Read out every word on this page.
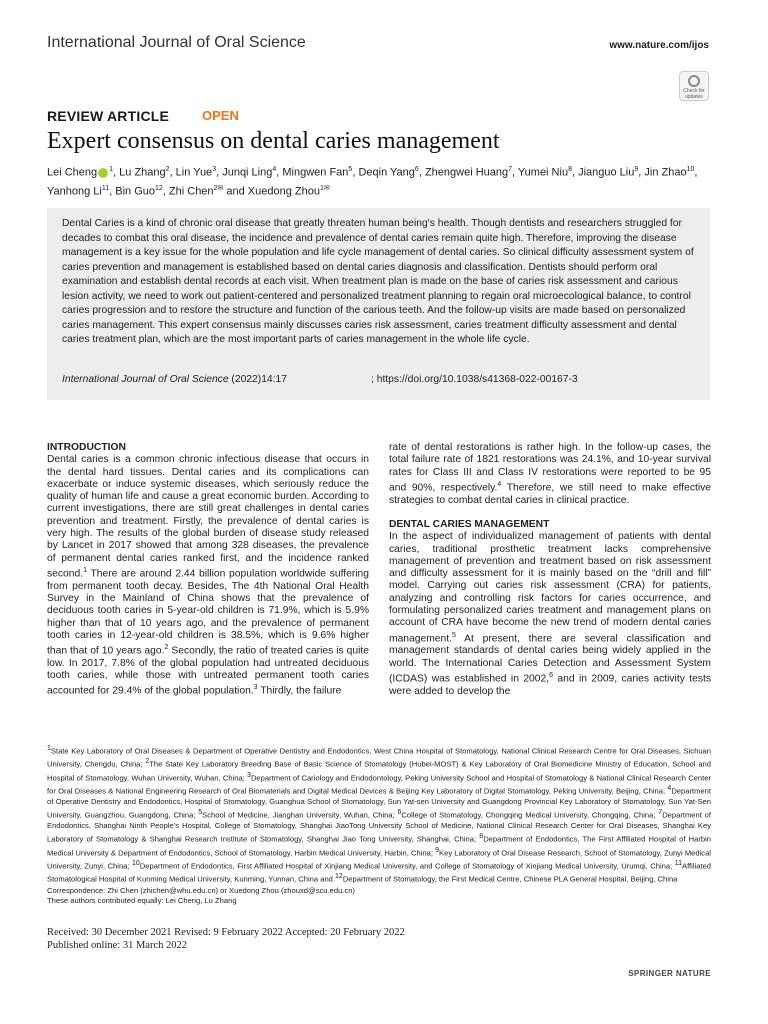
International Journal of Oral Science	www.nature.com/ijos
Check for updates
REVIEW ARTICLE	OPEN
Expert consensus on dental caries management
Lei Cheng $^1$, Lu Zhang$^2$, Lin Yue$^3$, Junqi Ling$^4$, Mingwen Fan$^5$, Deqin Yang$^6$, Zhengwei Huang$^7$, Yumei Niu$^8$, Jianguo Liu$^9$, Jin Zhao$^{10}$, Yanhong Li$^{11}$, Bin Guo$^{12}$, Zhi Chen$^{2✉}$ and Xuedong Zhou$^{1✉}$
Dental Caries is a kind of chronic oral disease that greatly threaten human being's health. Though dentists and researchers struggled for decades to combat this oral disease, the incidence and prevalence of dental caries remain quite high. Therefore, improving the disease management is a key issue for the whole population and life cycle management of dental caries. So clinical difficulty assessment system of caries prevention and management is established based on dental caries diagnosis and classification. Dentists should perform oral examination and establish dental records at each visit. When treatment plan is made on the base of caries risk assessment and carious lesion activity, we need to work out patient-centered and personalized treatment planning to regain oral microecological balance, to control caries progression and to restore the structure and function of the carious teeth. And the follow-up visits are made based on personalized caries management. This expert consensus mainly discusses caries risk assessment, caries treatment difficulty assessment and dental caries treatment plan, which are the most important parts of caries management in the whole life cycle.
International Journal of Oral Science (2022)14:17	; https://doi.org/10.1038/s41368-022-00167-3
INTRODUCTION

Dental caries is a common chronic infectious disease that occurs in the dental hard tissues. Dental caries and its complications can exacerbate or induce systemic diseases, which seriously reduce the quality of human life and cause a great economic burden. According to current investigations, there are still great challenges in dental caries prevention and treatment. Firstly, the prevalence of dental caries is very high. The results of the global burden of disease study released by Lancet in 2017 showed that among 328 diseases, the prevalence of permanent dental caries ranked first, and the incidence ranked second.$^1$ There are around 2.44 billion population worldwide suffering from permanent tooth decay. Besides, The 4th National Oral Health Survey in the Mainland of China shows that the prevalence of deciduous tooth caries in 5-year-old children is 71.9%, which is 5.9% higher than that of 10 years ago, and the prevalence of permanent tooth caries in 12-year-old children is 38.5%, which is 9.6% higher than that of 10 years ago.$^2$ Secondly, the ratio of treated caries is quite low. In 2017, 7.8% of the global population had untreated deciduous tooth caries, while those with untreated permanent tooth caries accounted for 29.4% of the global population.$^3$ Thirdly, the failure

rate of dental restorations is rather high. In the follow-up cases, the total failure rate of 1821 restorations was 24.1%, and 10-year survival rates for Class III and Class IV restorations were reported to be 95 and 90%, respectively.$^4$ Therefore, we still need to make effective strategies to combat dental caries in clinical practice.

DENTAL CARIES MANAGEMENT

In the aspect of individualized management of patients with dental caries, traditional prosthetic treatment lacks comprehensive management of prevention and treatment based on risk assessment and difficulty assessment for it is mainly based on the “drill and fill” model. Carrying out caries risk assessment (CRA) for patients, analyzing and controlling risk factors for caries occurrence, and formulating personalized caries treatment and management plans on account of CRA have become the new trend of modern dental caries management.$^5$ At present, there are several classification and management standards of dental caries being widely applied in the world. The International Caries Detection and Assessment System (ICDAS) was established in 2002,$^6$ and in 2009, caries activity tests were added to develop the

$^1$State Key Laboratory of Oral Diseases & Department of Operative Dentistry and Endodontics, West China Hospital of Stomatology, National Clinical Research Centre for Oral Diseases, Sichuan University, Chengdu, China; $^2$The State Key Laboratory Breeding Base of Basic Science of Stomatology (Hubei-MOST) & Key Laboratory of Oral Biomedicine Ministry of Education, School and Hospital of Stomatology, Wuhan University, Wuhan, China; $^3$Department of Cariology and Endodontology, Peking University School and Hospital of Stomatology & National Clinical Research Center for Oral Diseases & National Engineering Research of Oral Biomaterials and Digital Medical Devices & Beijing Key Laboratory of Digital Stomatology, Peking University, Beijing, China; $^4$Department of Operative Dentistry and Endodontics, Hospital of Stomatology, Guanghua School of Stomatology, Sun Yat-sen University and Guangdong Provincial Key Laboratory of Stomatology, Sun Yat-Sen University, Guangzhou, Guangdong, China; $^5$School of Medicine, Jianghan University, Wuhan, China; $^6$College of Stomatology, Chongqing Medical University, Chongqing, China; $^7$Department of Endodontics, Shanghai Ninth People's Hospital, College of Stomatology, Shanghai JiaoTong University School of Medicine, National Clinical Research Center for Oral Diseases, Shanghai Key Laboratory of Stomatology & Shanghai Research Institute of Stomatology, Shanghai Jiao Tong University, Shanghai, China; $^8$Department of Endodontics, The First Affiliated Hospital of Harbin Medical University & Department of Endodontics, School of Stomatology, Harbin Medical University, Harbin, China; $^9$Key Laboratory of Oral Disease Research, School of Stomatology, Zunyi Medical University, Zunyi, China; $^{10}$Department of Endodontics, First Affiliated Hospital of Xinjiang Medical University, and College of Stomatology of Xinjiang Medical University, Urumqi, China; $^{11}$Affiliated Stomatological Hospital of Kunming Medical University, Kunming, Yunnan, China and $^{12}$Department of Stomatology, the First Medical Centre, Chinese PLA General Hospital, Beijing, China

Correspondence: Zhi Chen (zhichen@whu.edu.cn) or Xuedong Zhou (zhouxd@scu.edu.cn)

These authors contributed equally: Lei Cheng, Lu Zhang

Received: 30 December 2021 Revised: 9 February 2022 Accepted: 20 February 2022

Published online: 31 March 2022

SPRINGER NATURE
